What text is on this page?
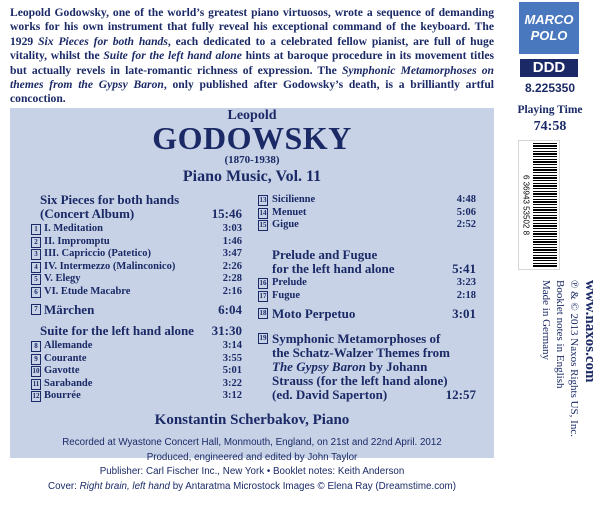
Leopold Godowsky, one of the world’s greatest piano virtuosos, wrote a sequence of demanding works for his own instrument that fully reveal his exceptional command of the keyboard. The 1929 Six Pieces for both hands, each dedicated to a celebrated fellow pianist, are full of huge vitality, whilst the Suite for the left hand alone hints at baroque procedure in its movement titles but actually revels in late-romantic richness of expression. The Symphonic Metamorphoses on themes from the Gypsy Baron, only published after Godowsky’s death, is a brilliantly artful concoction.
Leopold
GODOWSKY
(1870-1938)
Piano Music, Vol. 11
Six Pieces for both hands
(Concert Album)	15:46
1 I. Meditation	3:03
2 II. Impromptu	1:46
3 III. Capriccio (Patetico)	3:47
4 IV. Intermezzo (Malinconico)	2:26
5 V. Elegy	2:28
6 VI. Etude Macabre	2:16
7 Märchen	6:04
Suite for the left hand alone 31:30
8 Allemande	3:14
9 Courante	3:55
10 Gavotte	5:01
11 Sarabande	3:22
12 Bourrée	3:12
13 Sicilienne	4:48
14 Menuet	5:06
15 Gigue	2:52
Prelude and Fugue
for the left hand alone	5:41
16 Prelude	3:23
17 Fugue	2:18
18 Moto Perpetuo	3:01
19 Symphonic Metamorphoses of
the Schatz-Walzer Themes from
The Gypsy Baron by Johann
Strauss (for the left hand alone)
(ed. David Saperton)	12:57
Konstantin Scherbakov, Piano
Recorded at Wyastone Concert Hall, Monmouth, England, on 21st and 22nd April. 2012
Produced, engineered and edited by John Taylor
Publisher: Carl Fischer Inc., New York • Booklet notes: Keith Anderson
Cover: Right brain, left hand by Antaratma Microstock Images © Elena Ray (Dreamstime.com)
MARCO
POLO
DDD
8.225350
Playing Time
74:58
6 36943 53502 8
www.naxos.com
℗ & © 2013 Naxos Rights US, Inc.
Booklet notes in English
Made in Germany
